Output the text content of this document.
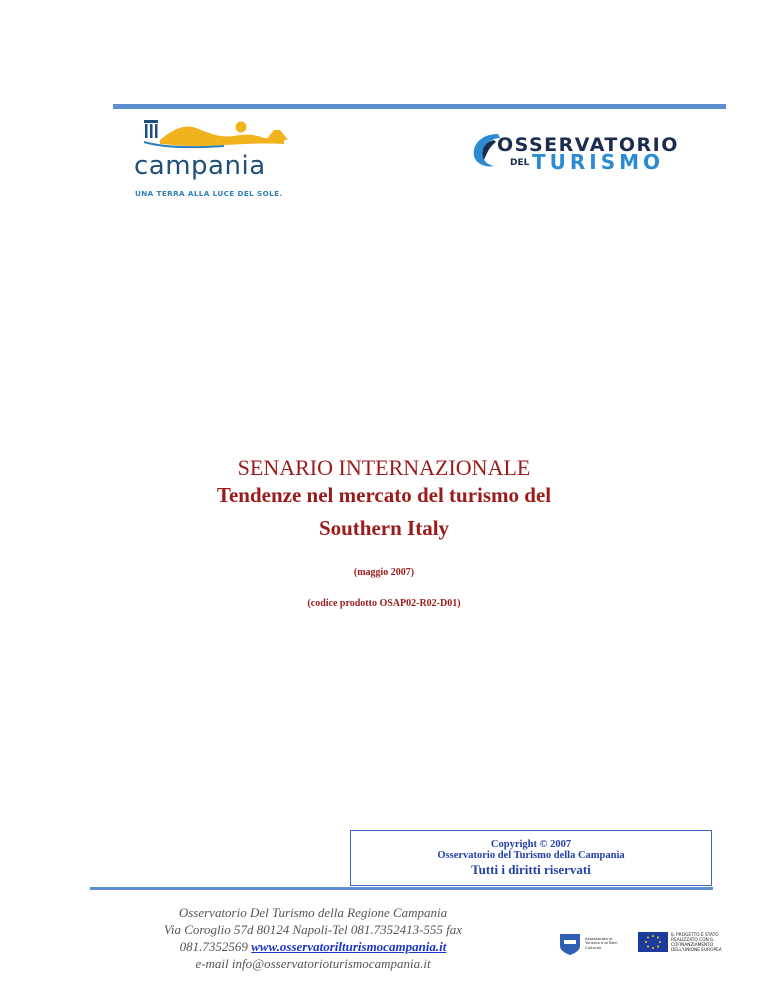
campania
UNA TERRA ALLA LUCE DEL SOLE.
OSSERVATORIO
DEL TURISMO
SENARIO INTERNAZIONALE
Tendenze nel mercato del turismo del
Southern Italy
(maggio 2007)
(codice prodotto OSAP02-R02-D01)
Copyright © 2007
Osservatorio del Turismo della Campania
Tutti i diritti riservati
Osservatorio Del Turismo della Regione Campania
Via Coroglio 57d 80124 Napoli-Tel 081.7352413-555 fax
081.7352569 www.osservatorilturismocampania.it
e-mail info@osservatorioturismocampania.it
Assessorato al Turismo e ai Beni Culturali
IL PROGETTO È STATO REALIZZATO CON IL COFINANZIAMENTO DELL'UNIONE EUROPEA
